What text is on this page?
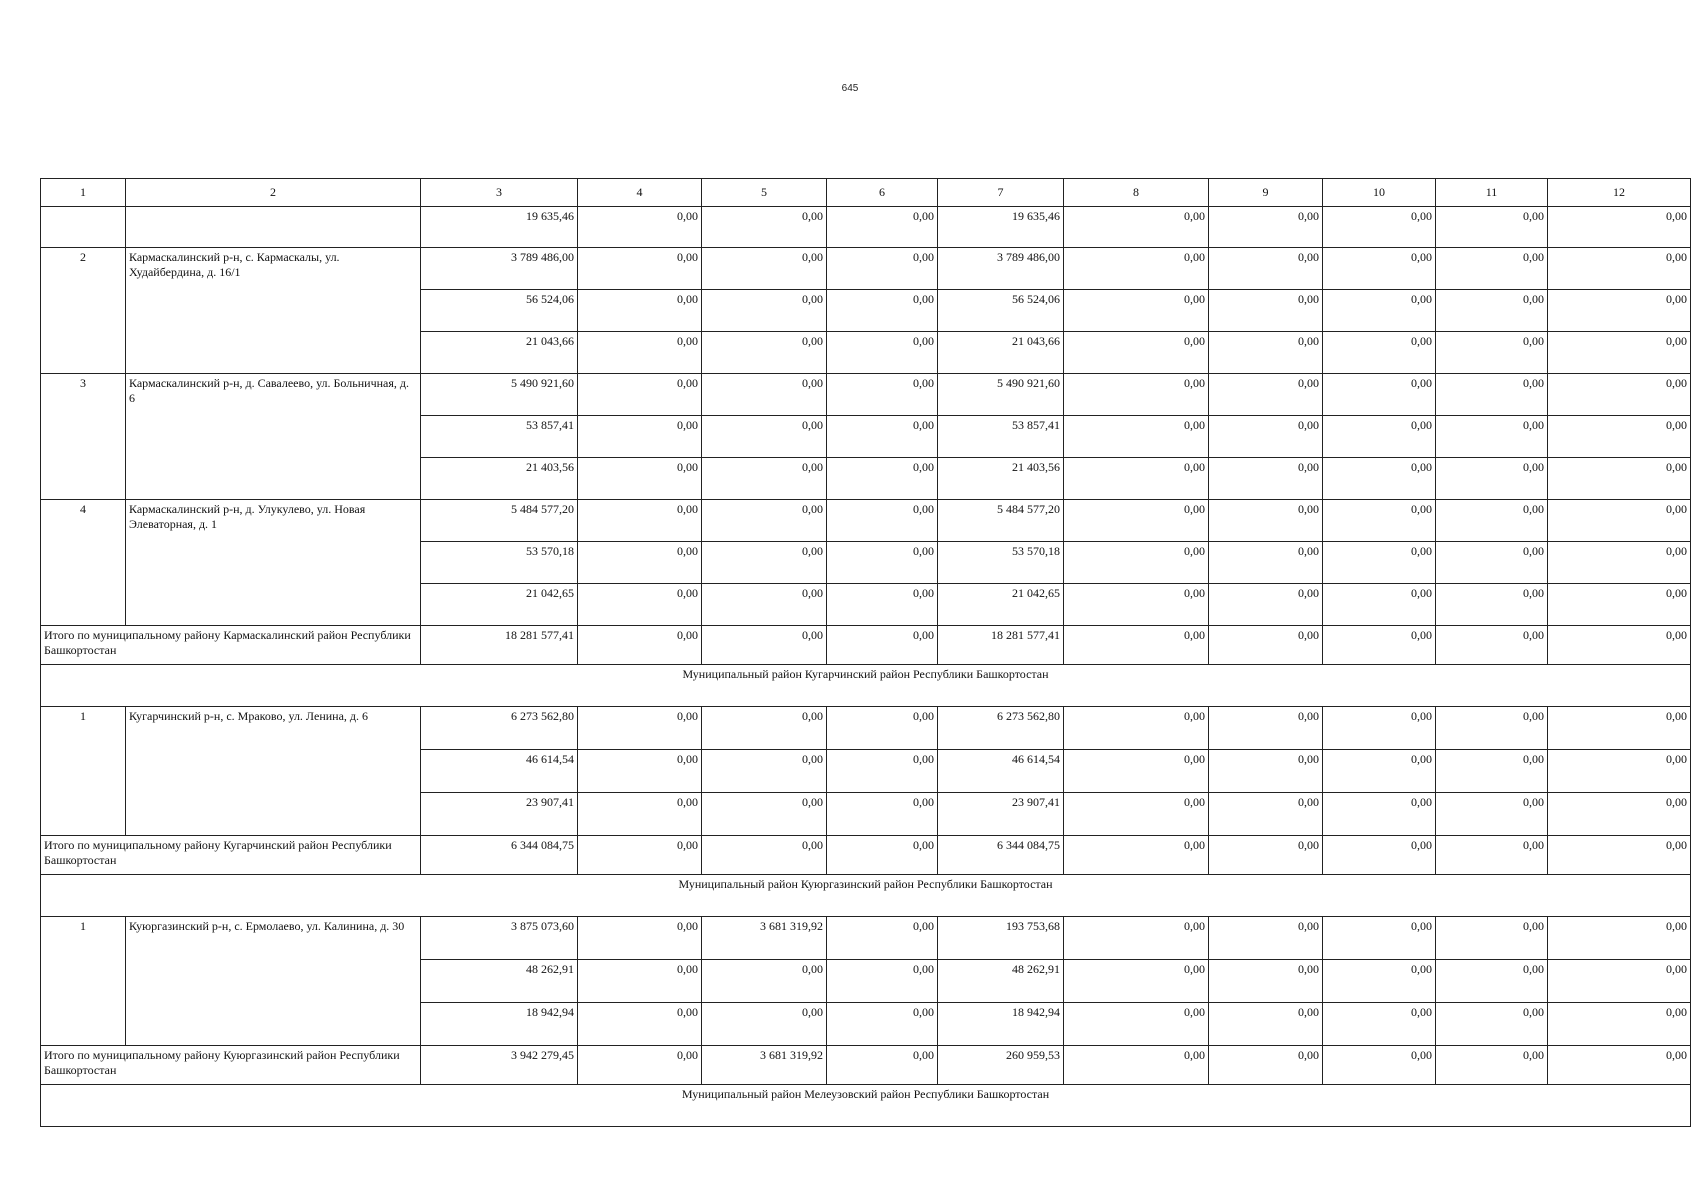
645
1	2	3	4	5	6	7	8	9	10	11	12
		19 635,46	0,00	0,00	0,00	19 635,46	0,00	0,00	0,00	0,00	0,00
2	Кармаскалинский р-н, с. Кармаскалы, ул. Худайбердина, д. 16/1	3 789 486,00	0,00	0,00	0,00	3 789 486,00	0,00	0,00	0,00	0,00	0,00
		56 524,06	0,00	0,00	0,00	56 524,06	0,00	0,00	0,00	0,00	0,00
		21 043,66	0,00	0,00	0,00	21 043,66	0,00	0,00	0,00	0,00	0,00
3	Кармаскалинский р-н, д. Савалеево, ул. Больничная, д. 6	5 490 921,60	0,00	0,00	0,00	5 490 921,60	0,00	0,00	0,00	0,00	0,00
		53 857,41	0,00	0,00	0,00	53 857,41	0,00	0,00	0,00	0,00	0,00
		21 403,56	0,00	0,00	0,00	21 403,56	0,00	0,00	0,00	0,00	0,00
4	Кармаскалинский р-н, д. Улукулево, ул. Новая Элеваторная, д. 1	5 484 577,20	0,00	0,00	0,00	5 484 577,20	0,00	0,00	0,00	0,00	0,00
		53 570,18	0,00	0,00	0,00	53 570,18	0,00	0,00	0,00	0,00	0,00
		21 042,65	0,00	0,00	0,00	21 042,65	0,00	0,00	0,00	0,00	0,00
Итого по муниципальному району Кармаскалинский район Республики Башкортостан		18 281 577,41	0,00	0,00	0,00	18 281 577,41	0,00	0,00	0,00	0,00	0,00
Муниципальный район Кугарчинский район Республики Башкортостан											
1	Кугарчинский р-н, с. Мраково, ул. Ленина, д. 6	6 273 562,80	0,00	0,00	0,00	6 273 562,80	0,00	0,00	0,00	0,00	0,00
		46 614,54	0,00	0,00	0,00	46 614,54	0,00	0,00	0,00	0,00	0,00
		23 907,41	0,00	0,00	0,00	23 907,41	0,00	0,00	0,00	0,00	0,00
Итого по муниципальному району Кугарчинский район Республики Башкортостан		6 344 084,75	0,00	0,00	0,00	6 344 084,75	0,00	0,00	0,00	0,00	0,00
Муниципальный район Куюргазинский район Республики Башкортостан											
1	Куюргазинский р-н, с. Ермолаево, ул. Калинина, д. 30	3 875 073,60	0,00	3 681 319,92	0,00	193 753,68	0,00	0,00	0,00	0,00	0,00
		48 262,91	0,00	0,00	0,00	48 262,91	0,00	0,00	0,00	0,00	0,00
		18 942,94	0,00	0,00	0,00	18 942,94	0,00	0,00	0,00	0,00	0,00
Итого по муниципальному району Куюргазинский район Республики Башкортостан		3 942 279,45	0,00	3 681 319,92	0,00	260 959,53	0,00	0,00	0,00	0,00	0,00
Муниципальный район Мелеузовский район Республики Башкортостан											
